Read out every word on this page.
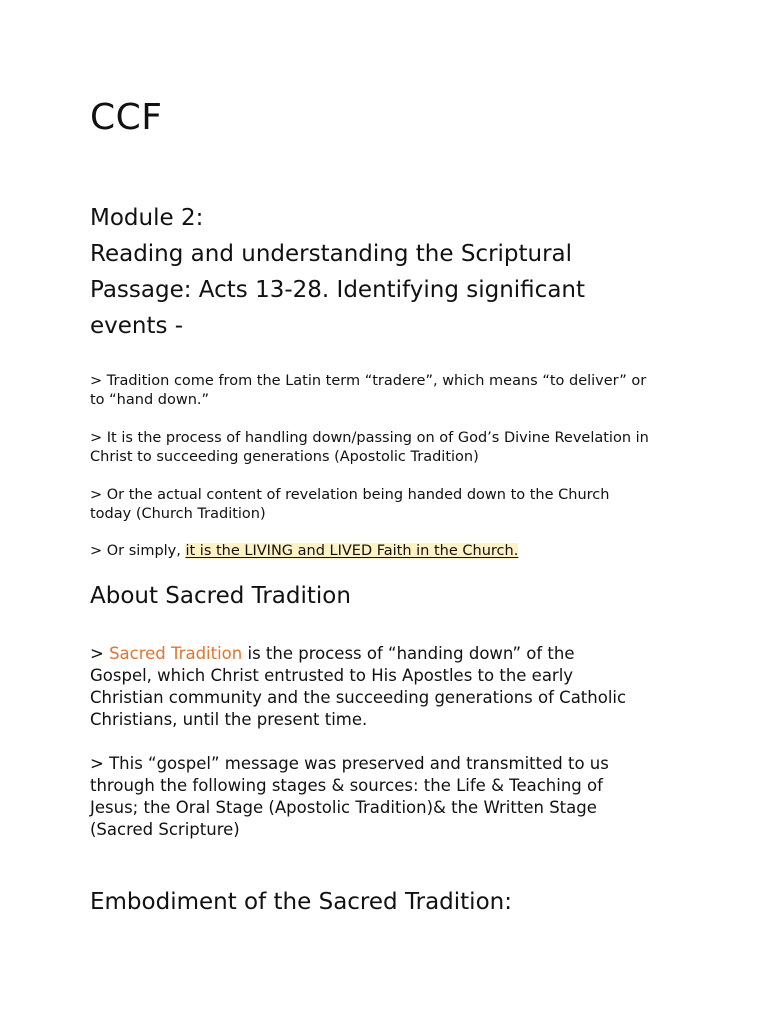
CCF
Module 2:
Reading and understanding the Scriptural
Passage: Acts 13-28. Identifying significant
events -

> Tradition come from the Latin term “tradere”, which means “to deliver” or
to “hand down.”

> It is the process of handling down/passing on of God’s Divine Revelation in
Christ to succeeding generations (Apostolic Tradition)

> Or the actual content of revelation being handed down to the Church
today (Church Tradition)

> Or simply, it is the LIVING and LIVED Faith in the Church.

About Sacred Tradition

> Sacred Tradition is the process of “handing down” of the
Gospel, which Christ entrusted to His Apostles to the early
Christian community and the succeeding generations of Catholic
Christians, until the present time.

> This “gospel” message was preserved and transmitted to us
through the following stages & sources: the Life & Teaching of
Jesus; the Oral Stage (Apostolic Tradition)& the Written Stage
(Sacred Scripture)

Embodiment of the Sacred Tradition:
